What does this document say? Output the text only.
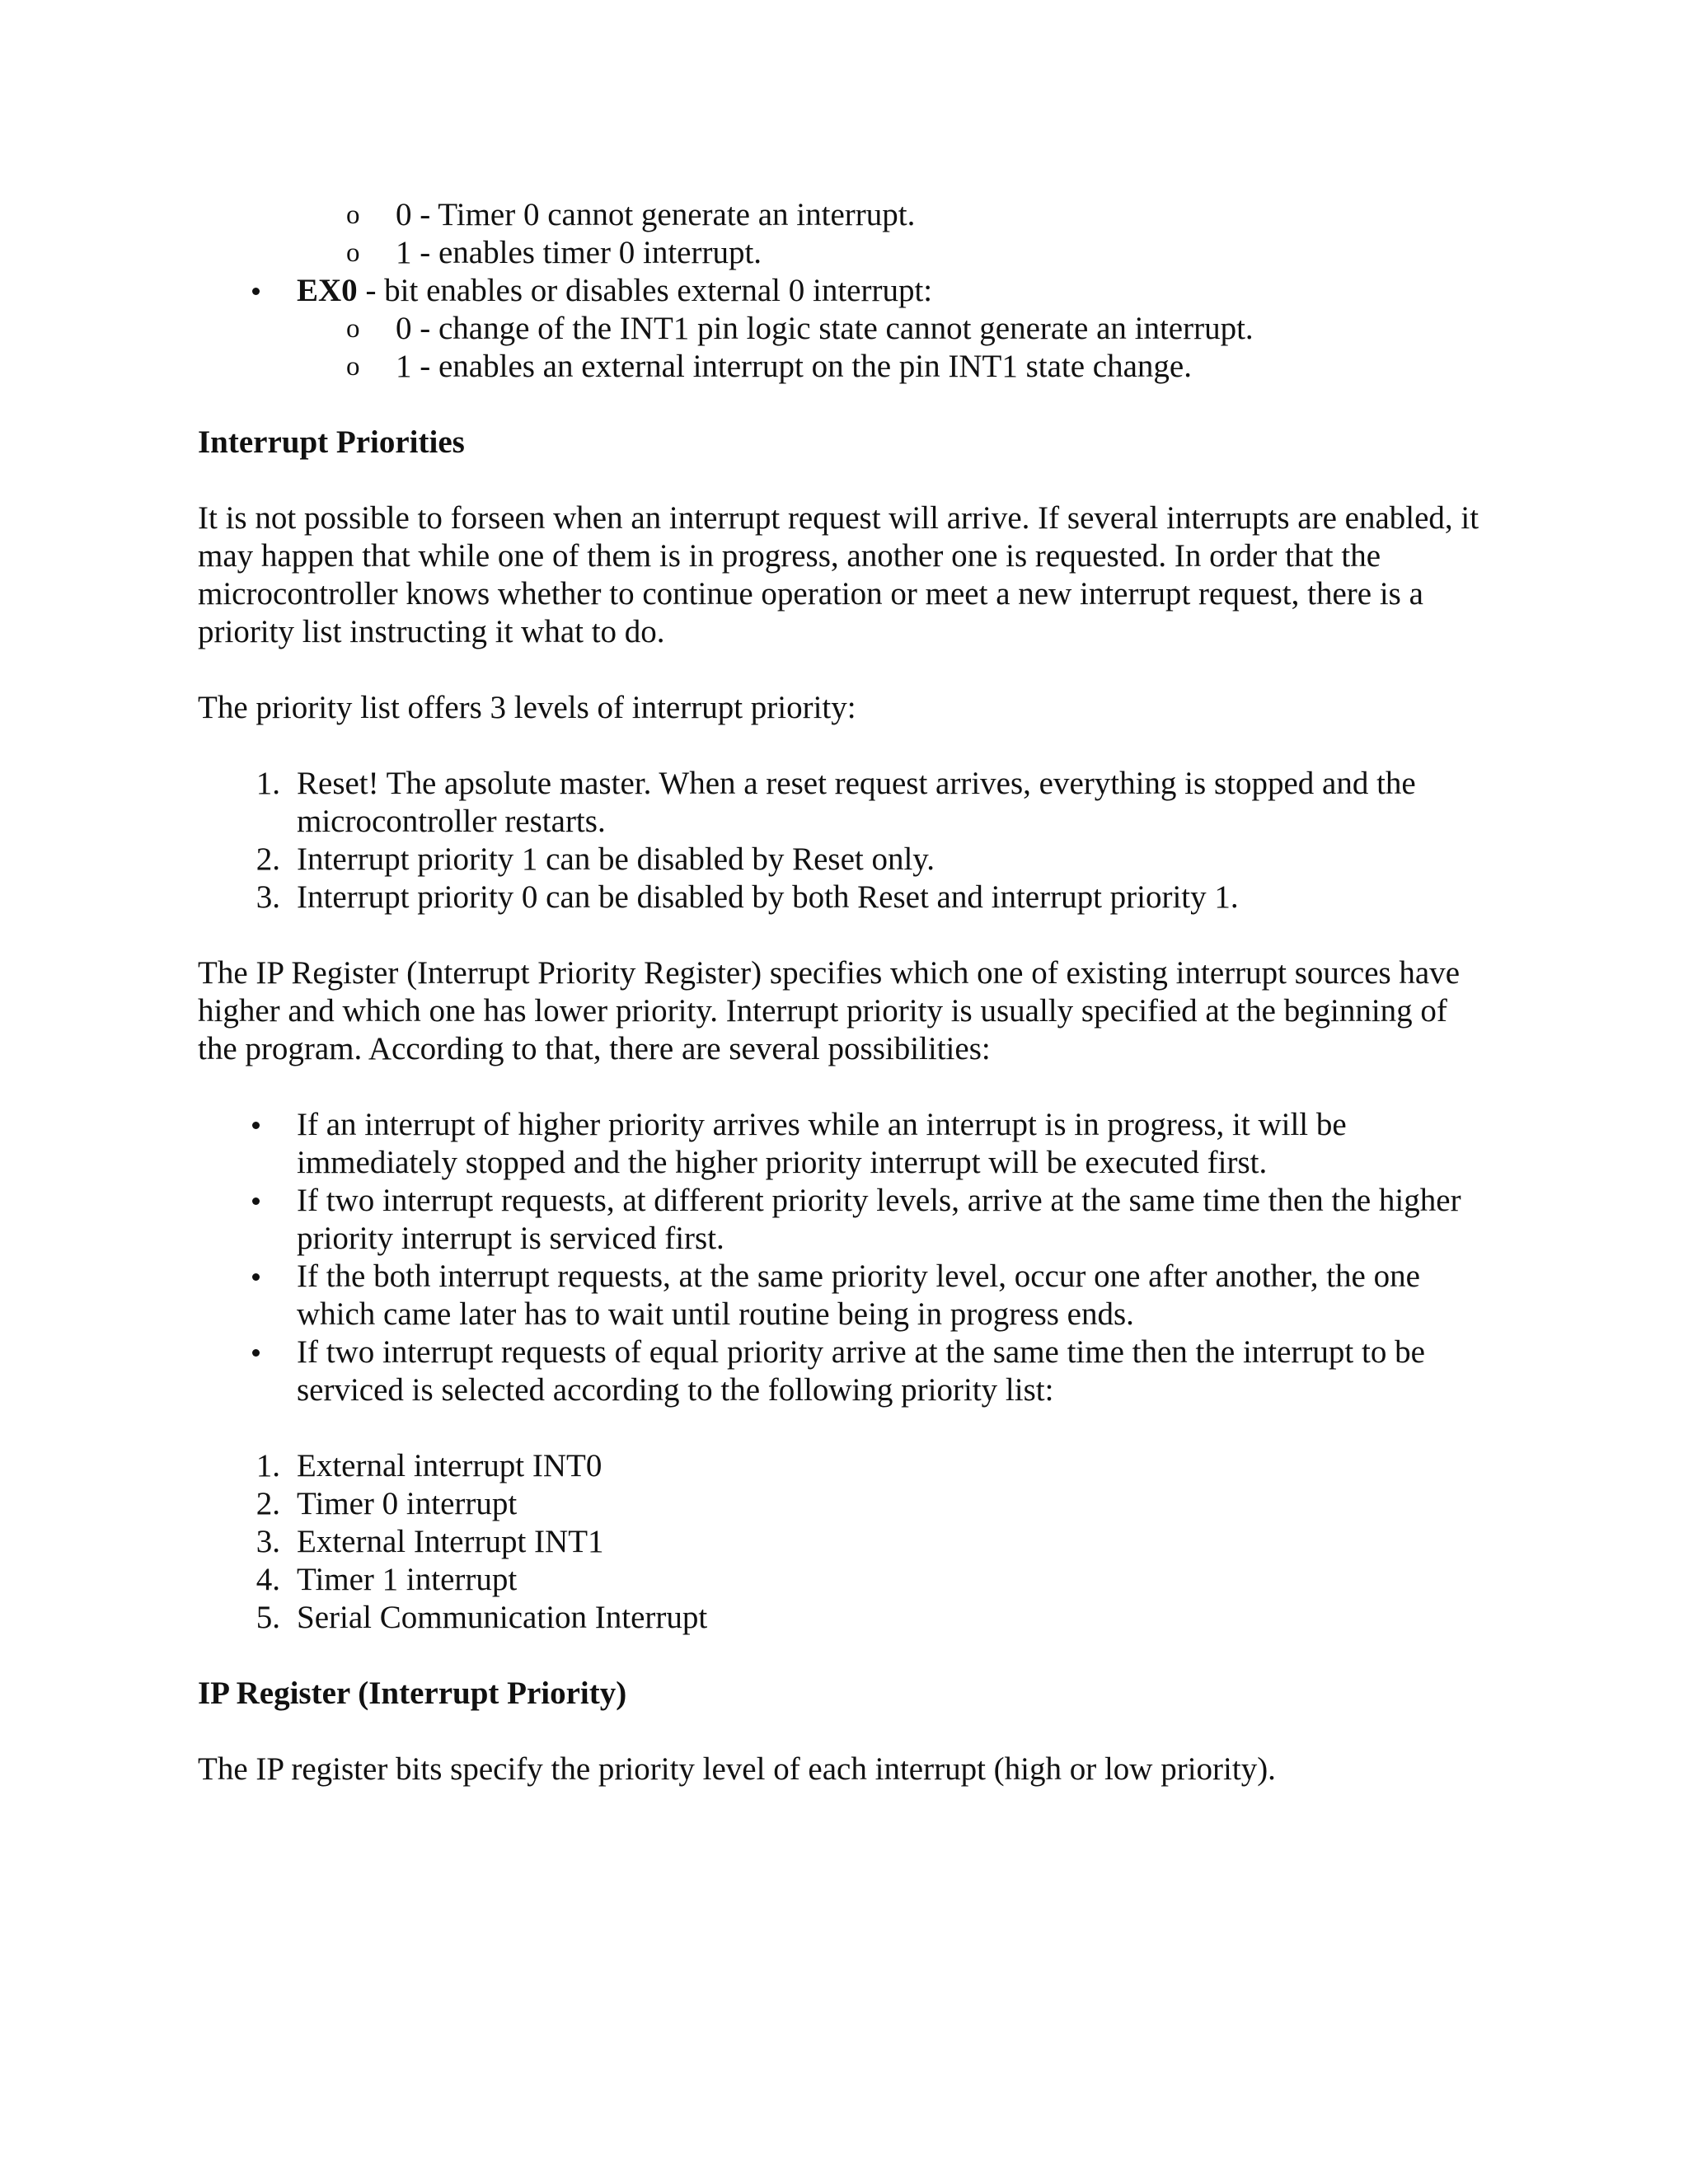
o 0 - Timer 0 cannot generate an interrupt.
o 1 - enables timer 0 interrupt.
EX0 - bit enables or disables external 0 interrupt:
o 0 - change of the INT1 pin logic state cannot generate an interrupt.
o 1 - enables an external interrupt on the pin INT1 state change.

Interrupt Priorities

It is not possible to forseen when an interrupt request will arrive. If several interrupts are enabled, it may happen that while one of them is in progress, another one is requested. In order that the microcontroller knows whether to continue operation or meet a new interrupt request, there is a priority list instructing it what to do.

The priority list offers 3 levels of interrupt priority:

1. Reset! The apsolute master. When a reset request arrives, everything is stopped and the microcontroller restarts.
2. Interrupt priority 1 can be disabled by Reset only.
3. Interrupt priority 0 can be disabled by both Reset and interrupt priority 1.

The IP Register (Interrupt Priority Register) specifies which one of existing interrupt sources have higher and which one has lower priority. Interrupt priority is usually specified at the beginning of the program. According to that, there are several possibilities:

If an interrupt of higher priority arrives while an interrupt is in progress, it will be immediately stopped and the higher priority interrupt will be executed first.
If two interrupt requests, at different priority levels, arrive at the same time then the higher priority interrupt is serviced first.
If the both interrupt requests, at the same priority level, occur one after another, the one which came later has to wait until routine being in progress ends.
If two interrupt requests of equal priority arrive at the same time then the interrupt to be serviced is selected according to the following priority list:
1. External interrupt INT0
2. Timer 0 interrupt
3. External Interrupt INT1
4. Timer 1 interrupt
5. Serial Communication Interrupt

IP Register (Interrupt Priority)

The IP register bits specify the priority level of each interrupt (high or low priority).
